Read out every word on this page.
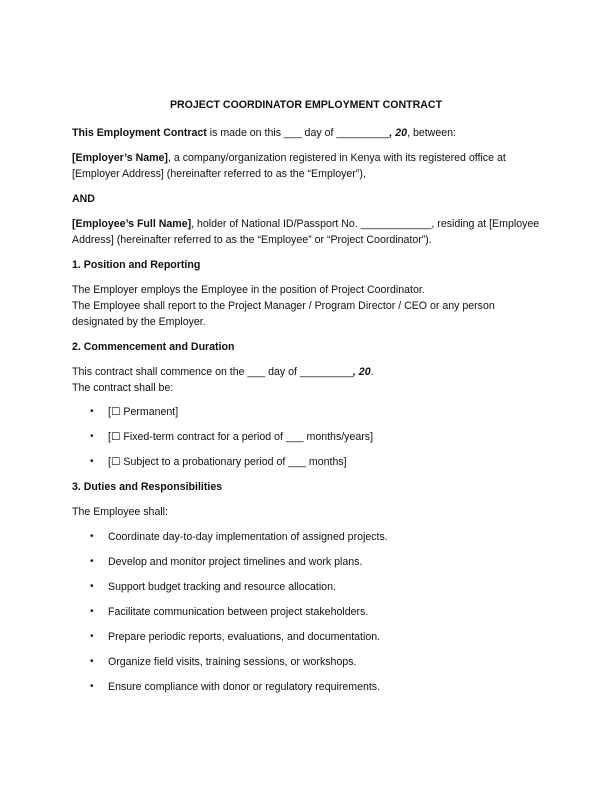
PROJECT COORDINATOR EMPLOYMENT CONTRACT

This Employment Contract is made on this ___ day of _________, 20, between:

[Employer’s Name], a company/organization registered in Kenya with its registered office at [Employer Address] (hereinafter referred to as the “Employer”),

AND

[Employee’s Full Name], holder of National ID/Passport No. ____________, residing at [Employee Address] (hereinafter referred to as the “Employee” or “Project Coordinator”).

1. Position and Reporting

The Employer employs the Employee in the position of Project Coordinator.
The Employee shall report to the Project Manager / Program Director / CEO or any person designated by the Employer.

2. Commencement and Duration

This contract shall commence on the ___ day of _________, 20.
The contract shall be:

• [☐ Permanent]
• [☐ Fixed-term contract for a period of ___ months/years]
• [☐ Subject to a probationary period of ___ months]

3. Duties and Responsibilities

The Employee shall:

• Coordinate day-to-day implementation of assigned projects.
• Develop and monitor project timelines and work plans.
• Support budget tracking and resource allocation.
• Facilitate communication between project stakeholders.
• Prepare periodic reports, evaluations, and documentation.
• Organize field visits, training sessions, or workshops.
• Ensure compliance with donor or regulatory requirements.
